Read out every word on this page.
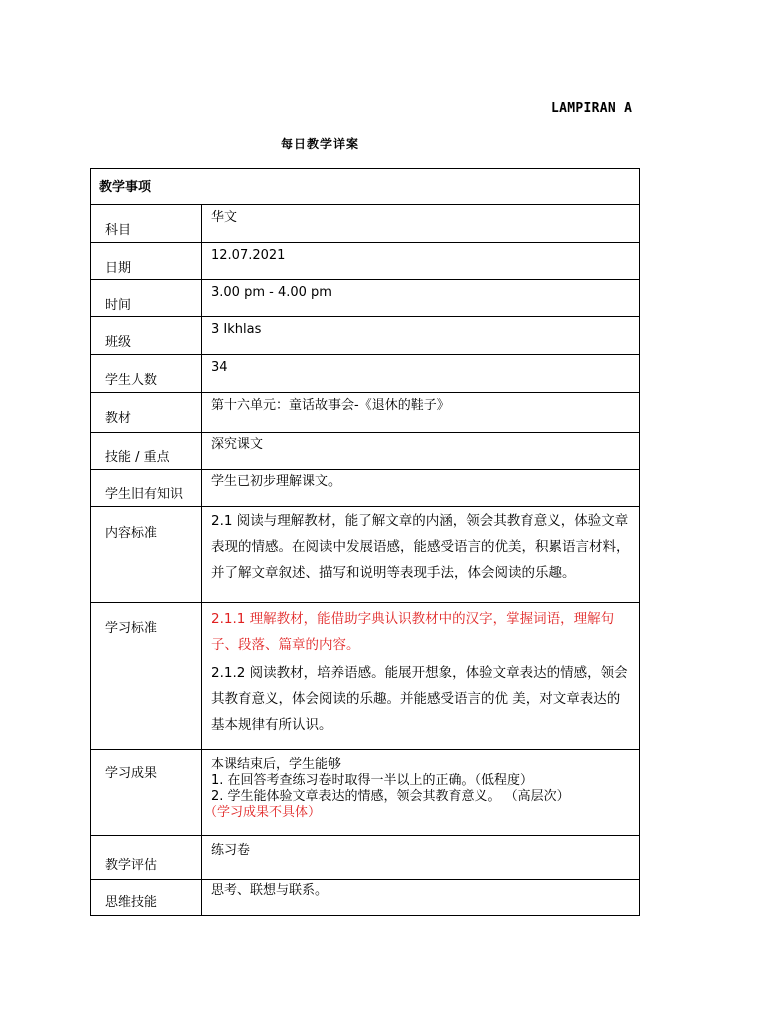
LAMPIRAN A
每日教学详案
教学事项	

科目	华文

日期	12.07.2021

时间	3.00 pm - 4.00 pm

班级	3 Ikhlas

学生人数	34

教材	第十六单元：童话故事会-《退休的鞋子》

技能 / 重点	深究课文

学生旧有知识	学生已初步理解课文。

内容标准	2.1 阅读与理解教材，能了解文章的内涵，领会其教育意义，体验文章表现的情感。在阅读中发展语感，能感受语言的优美，积累语言材料， 并了解文章叙述、描写和说明等表现手法，体会阅读的乐趣。

学习标准	2.1.1 理解教材，能借助字典认识教材中的汉字，掌握词语，理解句子、段落、篇章的内容。
2.1.2 阅读教材，培养语感。能展开想象，体验文章表达的情感，领会其教育意义，体会阅读的乐趣。并能感受语言的优 美，对文章表达的基本规律有所认识。

学习成果	本课结束后，学生能够
1. 在回答考查练习卷时取得一半以上的正确。（低程度）
2. 学生能体验文章表达的情感，领会其教育意义。 （高层次）
（学习成果不具体）

教学评估	练习卷

思维技能	思考、联想与联系。
